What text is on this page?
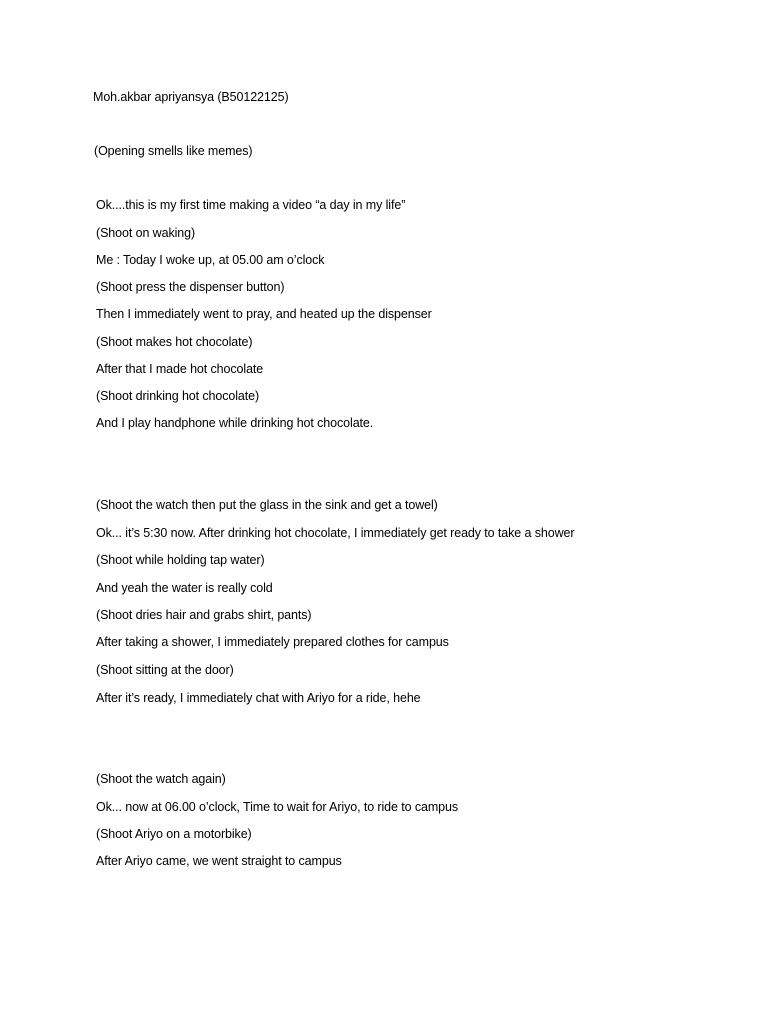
Moh.akbar apriyansya (B50122125)
(Opening smells like memes)
Ok....this is my first time making a video “a day in my life”
(Shoot on waking)
Me : Today I woke up, at 05.00 am o’clock
(Shoot press the dispenser button)
Then I immediately went to pray, and heated up the dispenser
(Shoot makes hot chocolate)
After that I made hot chocolate
(Shoot drinking hot chocolate)
And I play handphone while drinking hot chocolate.
(Shoot the watch then put the glass in the sink and get a towel)
Ok... it’s 5:30 now. After drinking hot chocolate, I immediately get ready to take a shower
(Shoot while holding tap water)
And yeah the water is really cold
(Shoot dries hair and grabs shirt, pants)
After taking a shower, I immediately prepared clothes for campus
(Shoot sitting at the door)
After it’s ready, I immediately chat with Ariyo for a ride, hehe
(Shoot the watch again)
Ok... now at 06.00 o’clock, Time to wait for Ariyo, to ride to campus
(Shoot Ariyo on a motorbike)
After Ariyo came, we went straight to campus
